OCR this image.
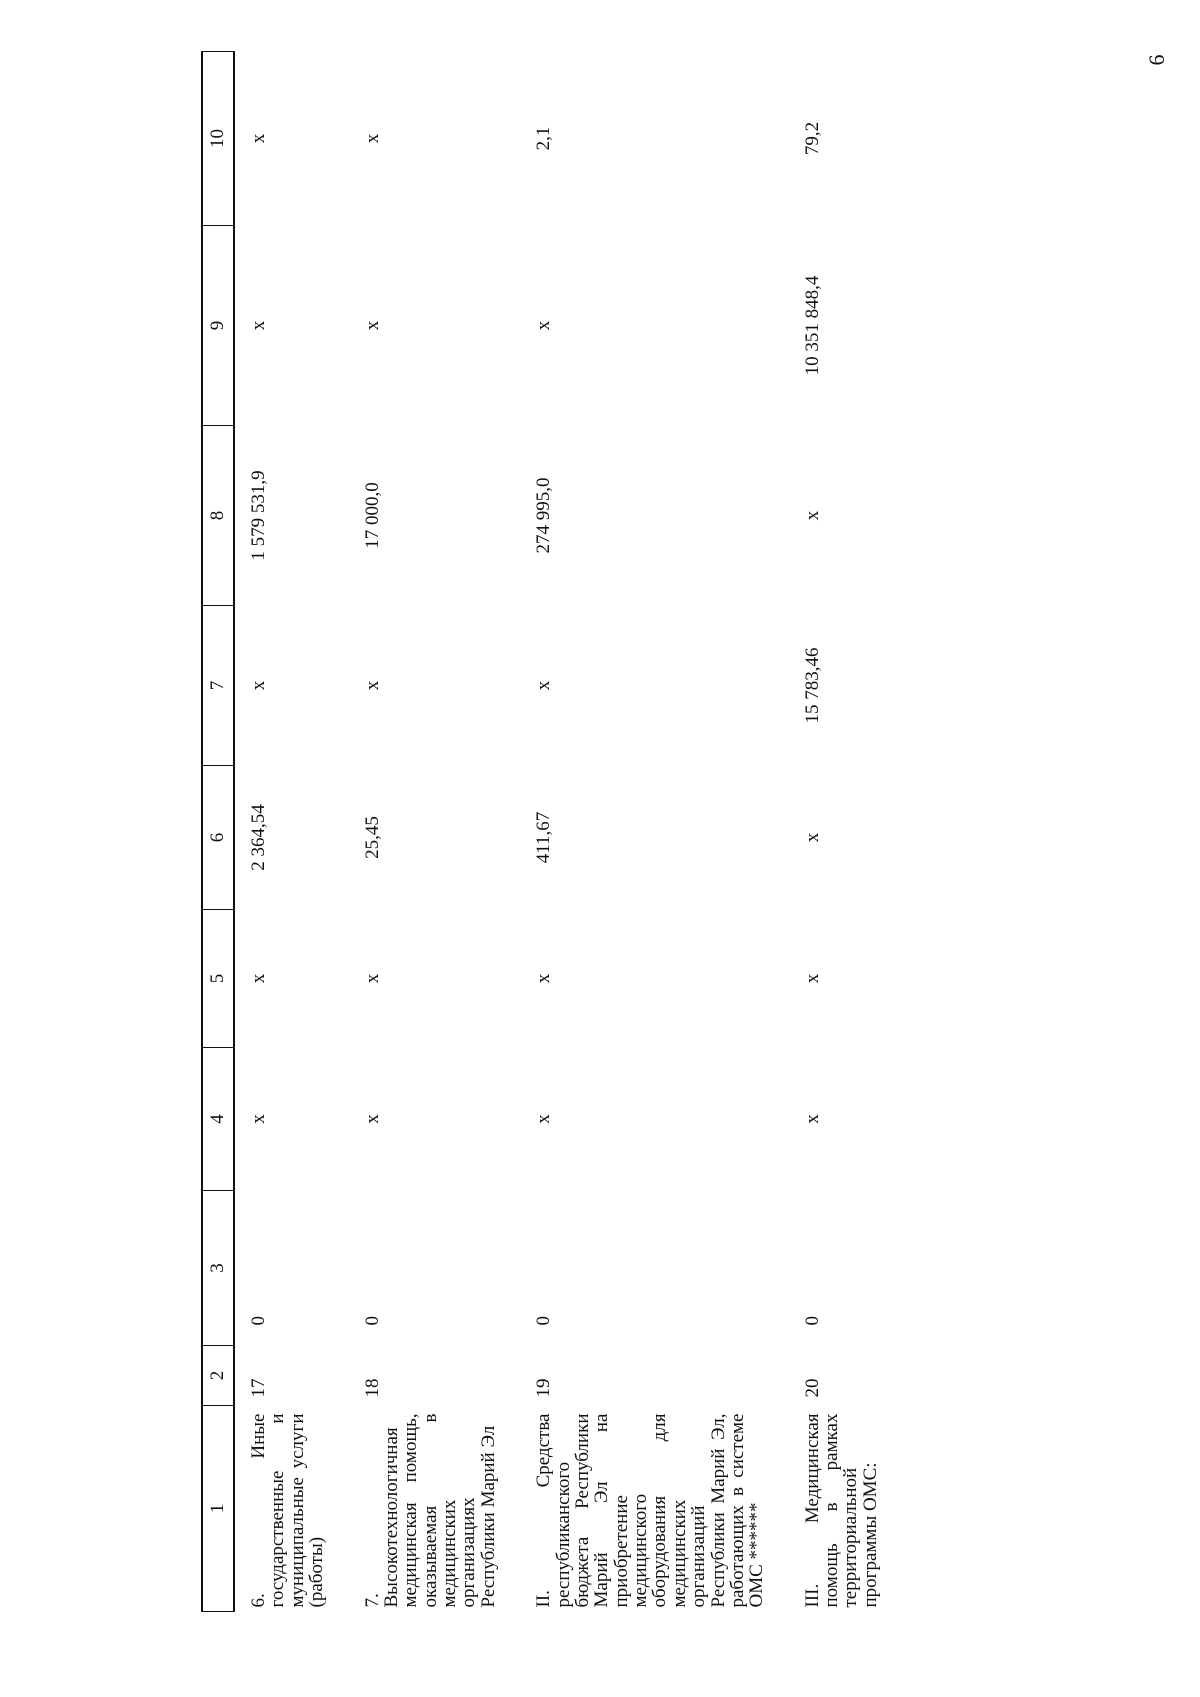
6
1	2	3	4	5	6	7	8	9	10
6. Иные государственные и муниципальные услуги (работы)	17	0	x	x	2 364,54	x	1 579 531,9	x	x
7. Высокотехнологичная медицинская помощь, оказываемая в медицинских организациях Республики Марий Эл	18	0	x	x	25,45	x	17 000,0	x	x
II. Средства республиканского бюджета Республики Марий Эл на приобретение медицинского оборудования для медицинских организаций Республики Марий Эл, работающих в системе ОМС ******	19	0	x	x	411,67	x	274 995,0	x	2,1
III. Медицинская помощь в рамках территориальной программы ОМС:	20	0	x	x	x	15 783,46	x	10 351 848,4	79,2
